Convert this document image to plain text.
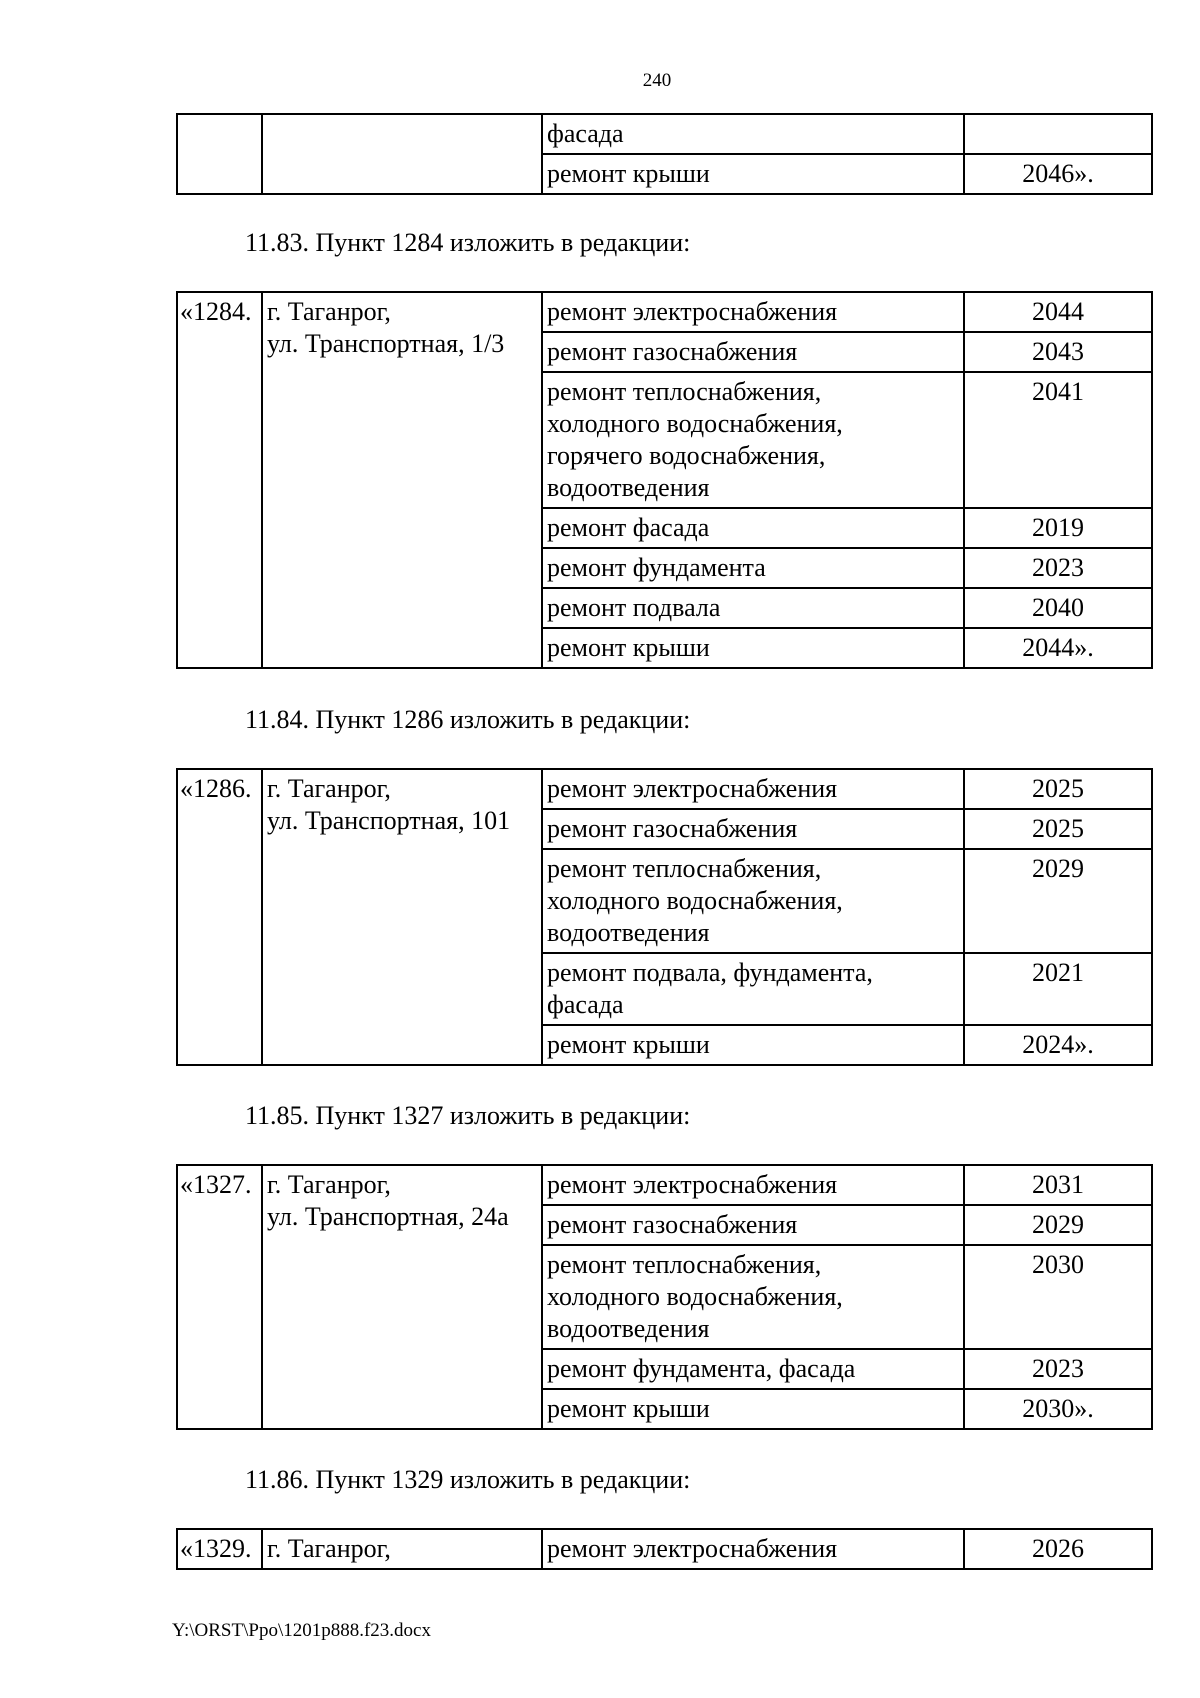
240

		фасада	

		ремонт крыши	2046».
11.83. Пункт 1284 изложить в редакции:
«1284.	г. Таганрог,
ул. Транспортная, 1/3	ремонт электроснабжения	2044

		ремонт газоснабжения	2043

		ремонт теплоснабжения,
холодного водоснабжения,
горячего водоснабжения,
водоотведения	2041

		ремонт фасада	2019

		ремонт фундамента	2023

		ремонт подвала	2040

		ремонт крыши	2044».
11.84. Пункт 1286 изложить в редакции:
«1286.	г. Таганрог,
ул. Транспортная, 101	ремонт электроснабжения	2025

		ремонт газоснабжения	2025

		ремонт теплоснабжения,
холодного водоснабжения,
водоотведения	2029

		ремонт подвала, фундамента,
фасада	2021

		ремонт крыши	2024».
11.85. Пункт 1327 изложить в редакции:
«1327.	г. Таганрог,
ул. Транспортная, 24а	ремонт электроснабжения	2031

		ремонт газоснабжения	2029

		ремонт теплоснабжения,
холодного водоснабжения,
водоотведения	2030

		ремонт фундамента, фасада	2023

		ремонт крыши	2030».
11.86. Пункт 1329 изложить в редакции:
«1329.	г. Таганрог,	ремонт электроснабжения	2026
Y:\ORST\Ppo\1201p888.f23.docx
